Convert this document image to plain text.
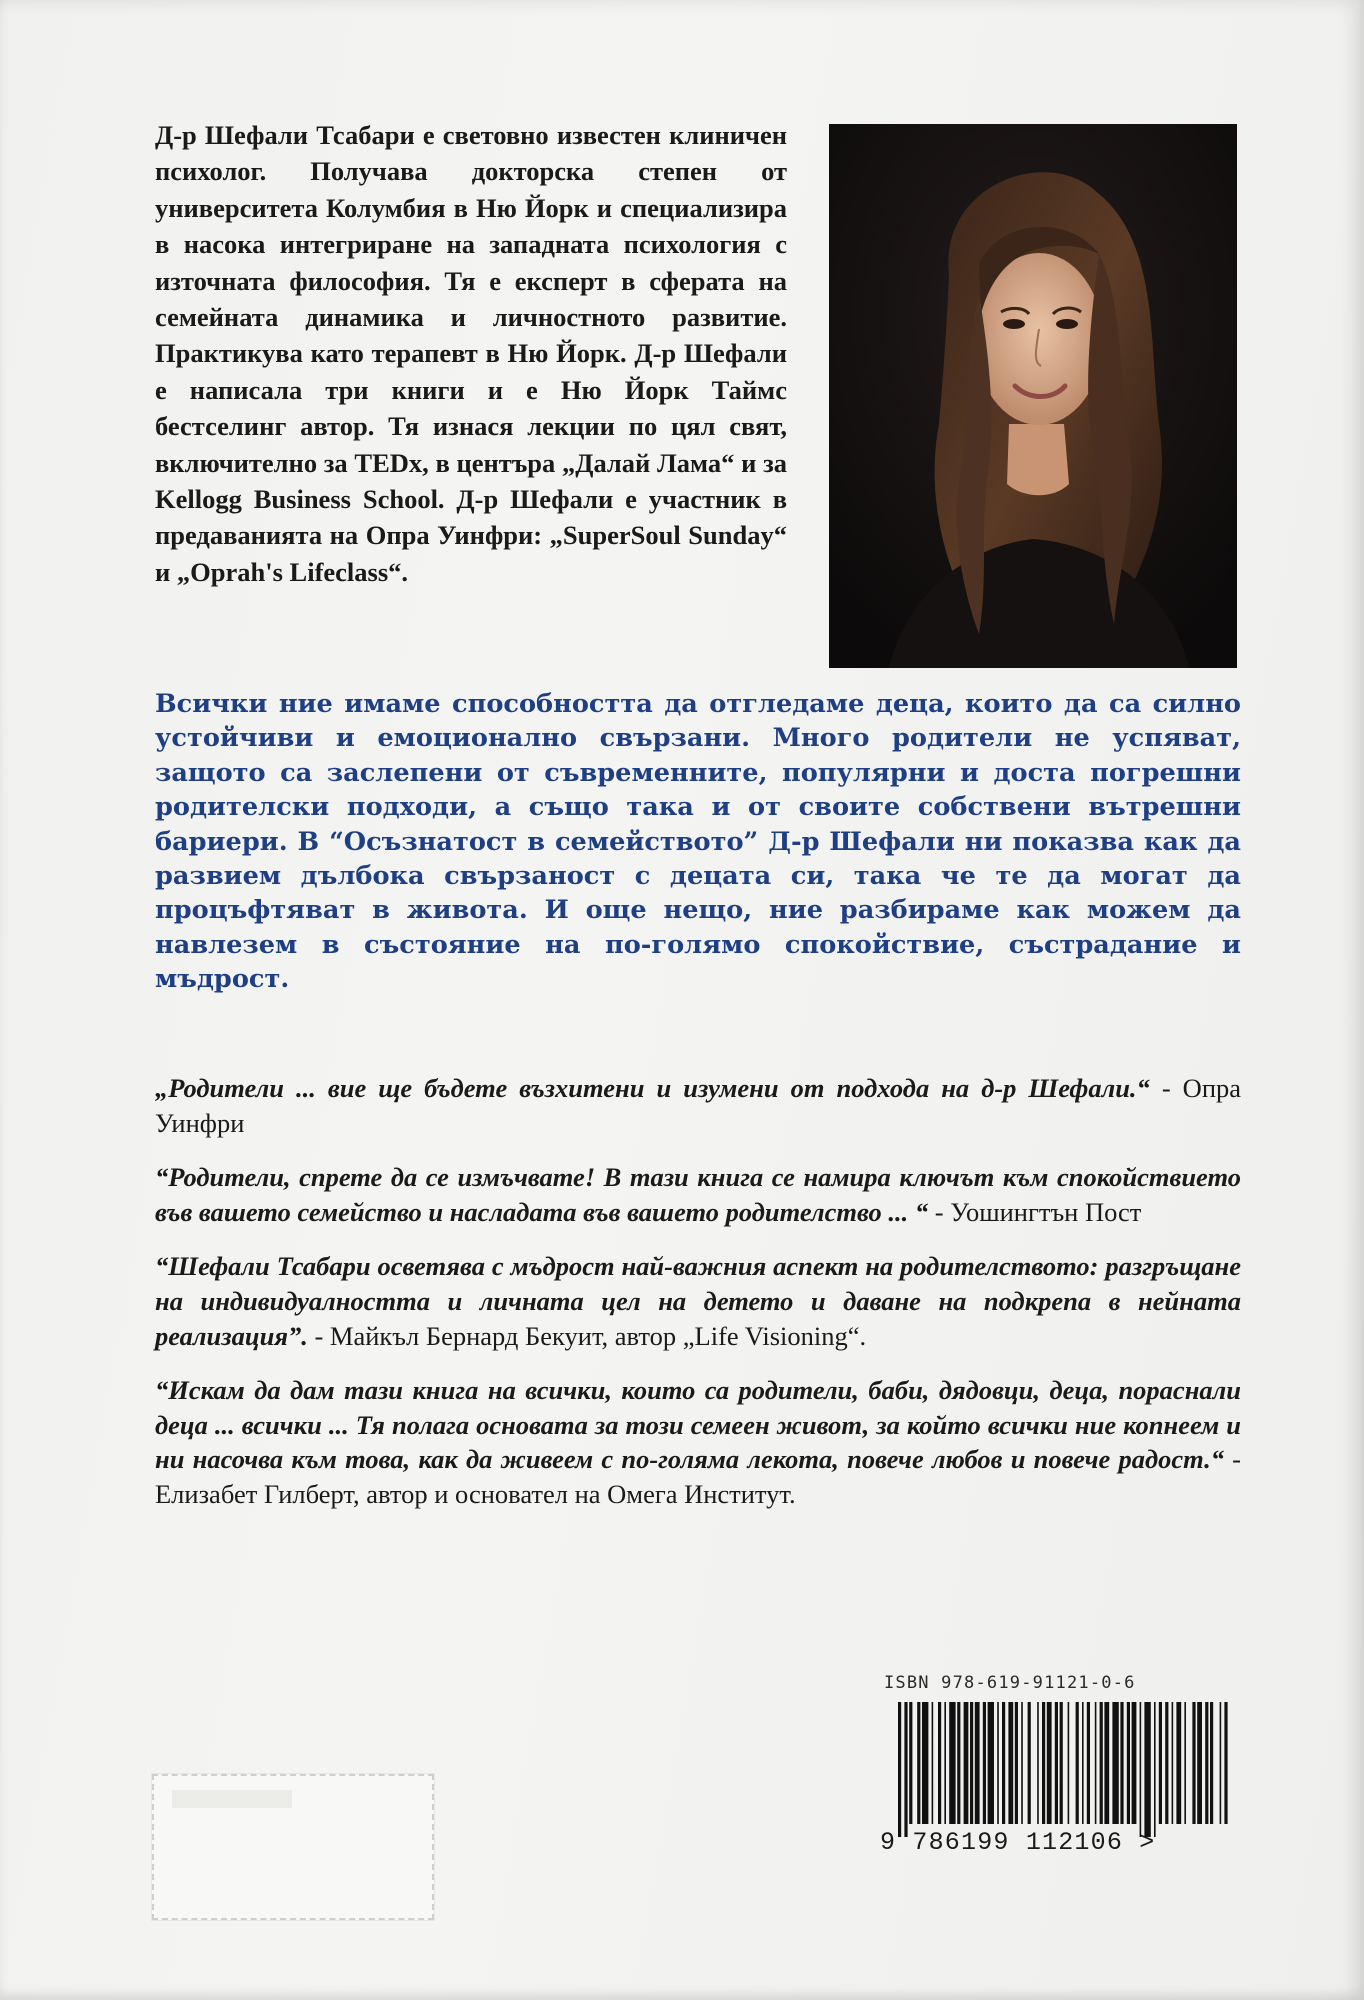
Д-р Шефали Тсабари е световно известен клиничен психолог. Получава докторска степен от университета Колумбия в Ню Йорк и специализира в насока интегриране на западната психология с източната философия. Тя е експерт в сферата на семейната динамика и личностното развитие. Практикува като терапевт в Ню Йорк. Д-р Шефали е написала три книги и е Ню Йорк Таймс бестселинг автор. Тя изнася лекции по цял свят, включително за TEDx, в центъра „Далай Лама“ и за Kellogg Business School. Д-р Шефали е участник в предаванията на Опра Уинфри: „SuperSoul Sunday“ и „Oprah's Lifeclass“.

Всички ние имаме способността да отгледаме деца, които да са силно устойчиви и емоционално свързани. Много родители не успяват, защото са заслепени от съвременните, популярни и доста погрешни родителски подходи, а също така и от своите собствени вътрешни бариери. В “Осъзнатост в семейството” Д-р Шефали ни показва как да развием дълбока свързаност с децата си, така че те да могат да процъфтяват в живота. И още нещо, ние разбираме как можем да навлезем в състояние на по-голямо спокойствие, състрадание и мъдрост.

„Родители ... вие ще бъдете възхитени и изумени от подхода на д-р Шефали.“ - Опра Уинфри

“Родители, спрете да се измъчвате! В тази книга се намира ключът към спокойствието във вашето семейство и насладата във вашето родителство ... “ - Уошингтън Пост

“Шефали Тсабари осветява с мъдрост най-важния аспект на родителството: разгръщане на индивидуалността и личната цел на детето и даване на подкрепа в нейната реализация”. - Майкъл Бернард Бекуит, автор „Life Visioning“.

“Искам да дам тази книга на всички, които са родители, баби, дядовци, деца, пораснали деца ... всички ... Тя полага основата за този семеен живот, за който всички ние копнеем и ни насочва към това, как да живеем с по-голяма лекота, повече любов и повече радост.“ - Елизабет Гилберт, автор и основател на Омега Институт.

ISBN 978-619-91121-0-6

9 786199 112106 >
